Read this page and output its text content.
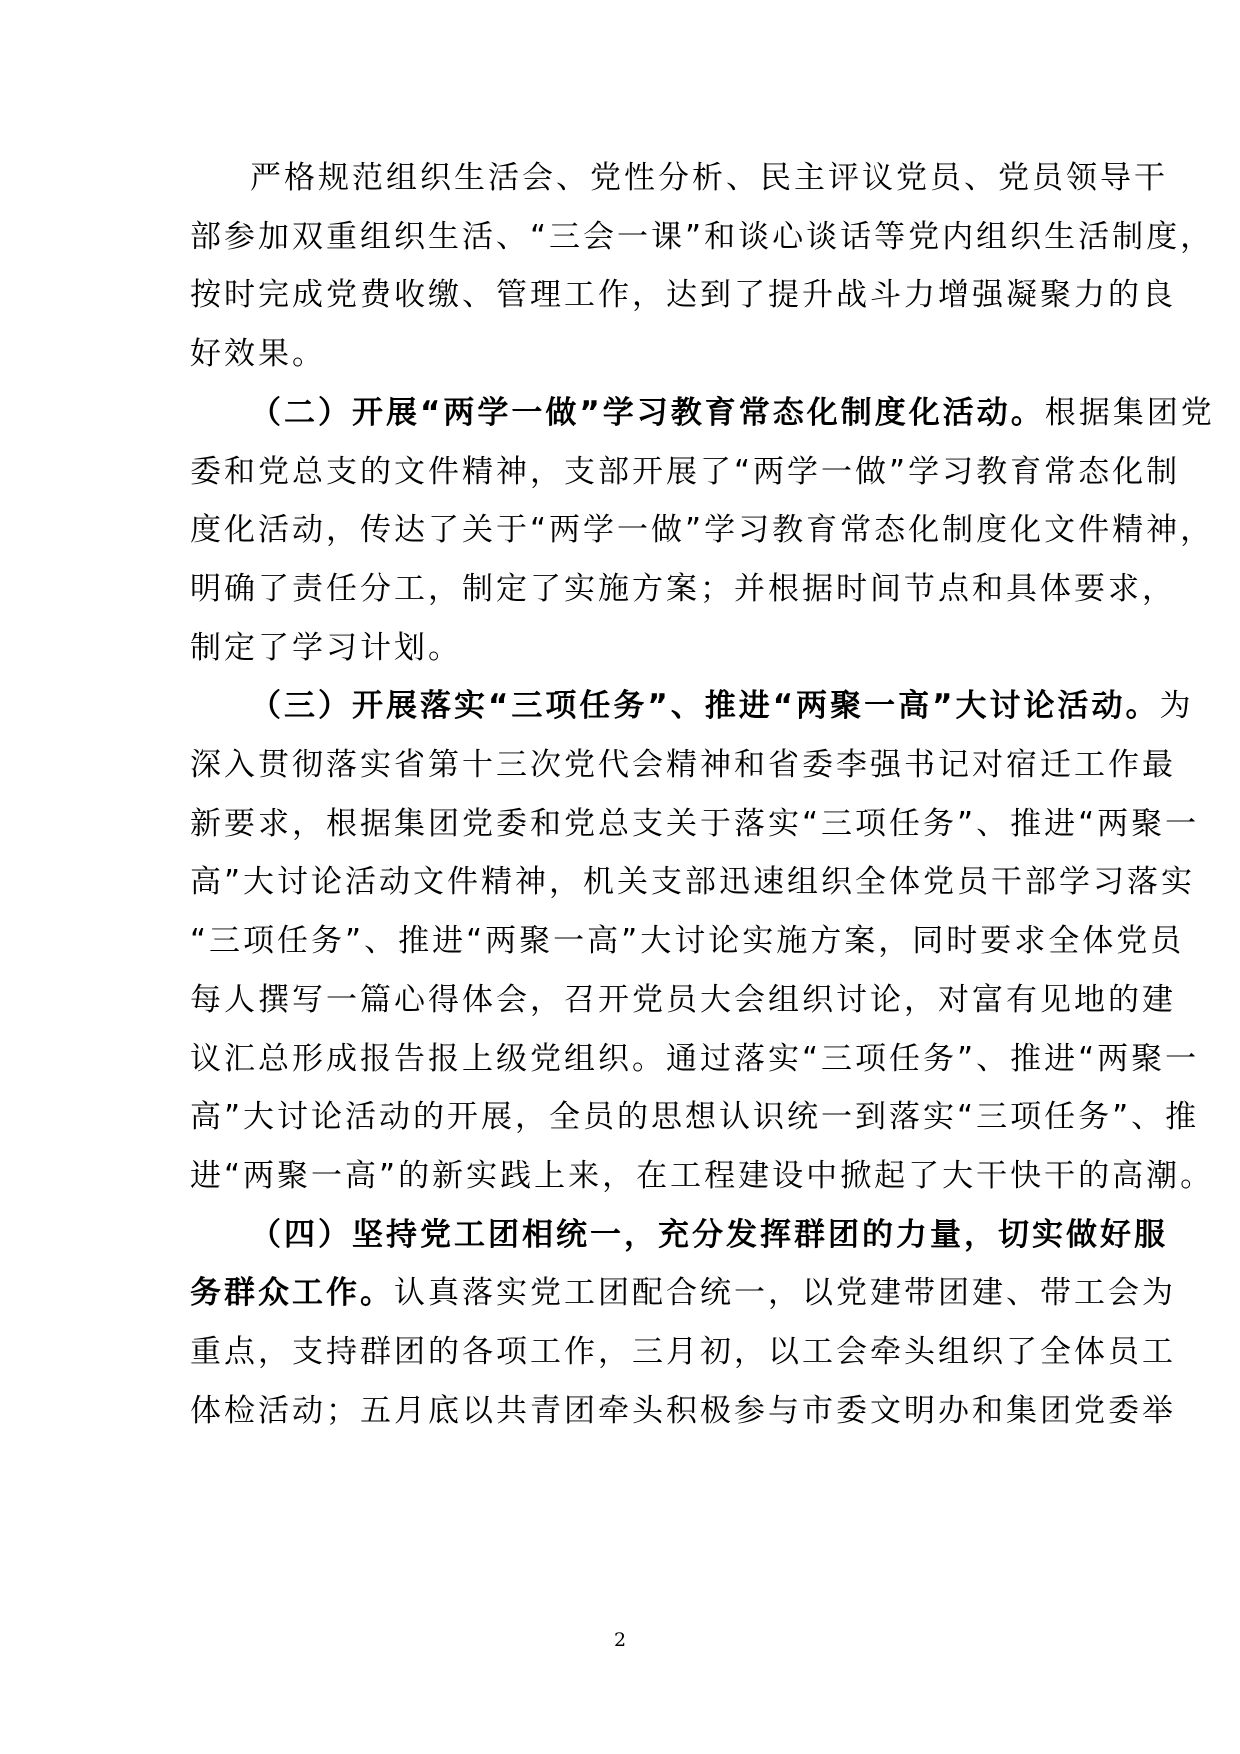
严格规范组织生活会、党性分析、民主评议党员、党员领导干
部参加双重组织生活、“三会一课”和谈心谈话等党内组织生活制度，
按时完成党费收缴、管理工作，达到了提升战斗力增强凝聚力的良
好效果。
（二）开展“两学一做”学习教育常态化制度化活动。根据集团党
委和党总支的文件精神，支部开展了“两学一做”学习教育常态化制
度化活动，传达了关于“两学一做”学习教育常态化制度化文件精神，
明确了责任分工，制定了实施方案；并根据时间节点和具体要求，
制定了学习计划。
（三）开展落实“三项任务”、推进“两聚一高”大讨论活动。为
深入贯彻落实省第十三次党代会精神和省委李强书记对宿迁工作最
新要求，根据集团党委和党总支关于落实“三项任务”、推进“两聚一
高”大讨论活动文件精神，机关支部迅速组织全体党员干部学习落实
“三项任务”、推进“两聚一高”大讨论实施方案，同时要求全体党员
每人撰写一篇心得体会，召开党员大会组织讨论，对富有见地的建
议汇总形成报告报上级党组织。通过落实“三项任务”、推进“两聚一
高”大讨论活动的开展，全员的思想认识统一到落实“三项任务”、推
进“两聚一高”的新实践上来，在工程建设中掀起了大干快干的高潮。
（四）坚持党工团相统一，充分发挥群团的力量，切实做好服
务群众工作。认真落实党工团配合统一，以党建带团建、带工会为
重点，支持群团的各项工作，三月初，以工会牵头组织了全体员工
体检活动；五月底以共青团牵头积极参与市委文明办和集团党委举
2
